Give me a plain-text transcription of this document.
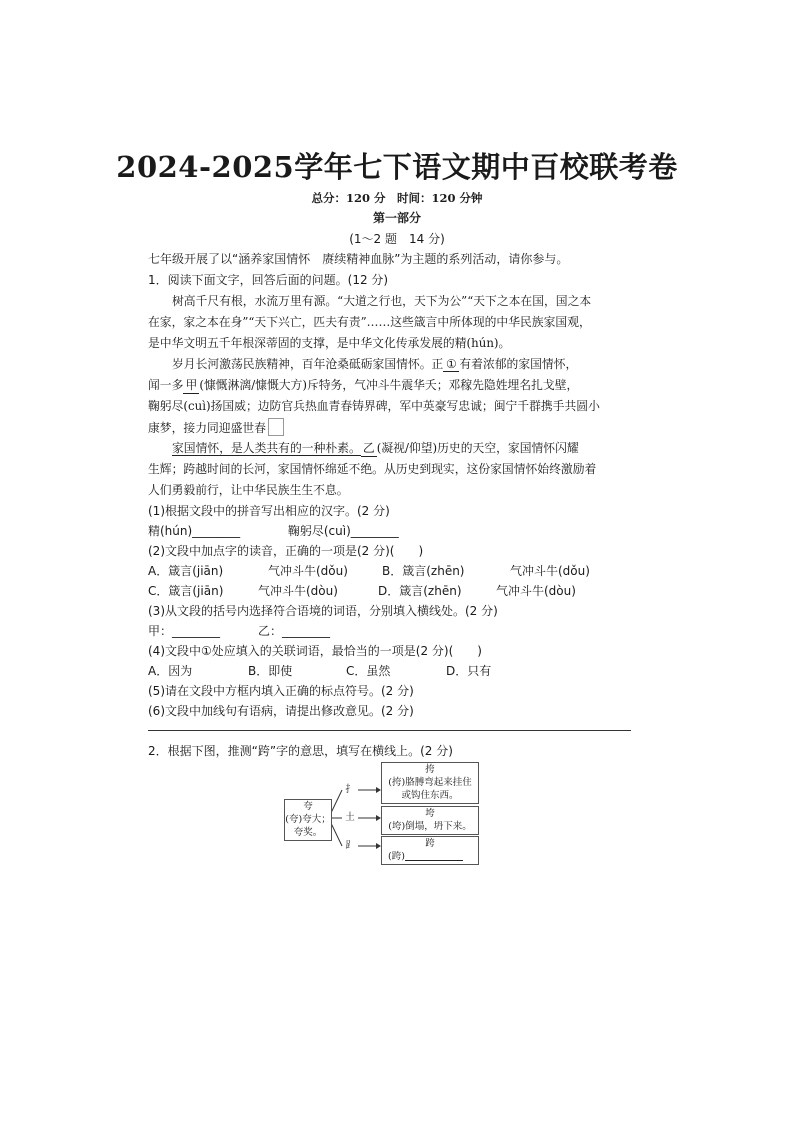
2024-2025学年七下语文期中百校联考卷
总分：120 分　时间：120 分钟
第一部分
(1～2 题　14 分)
七年级开展了以“涵养家国情怀　赓续精神血脉”为主题的系列活动，请你参与。
1．阅读下面文字，回答后面的问题。(12 分)
树高千尺有根，水流万里有源。“大道之行也，天下为公”“天下之本在国，国之本
在家，家之本在身”“天下兴亡，匹夫有责”……这些箴言中所体现的中华民族家国观，
是中华文明五千年根深蒂固的支撑，是中华文化传承发展的精(hún)。
岁月长河激荡民族精神，百年沧桑砥砺家国情怀。正 ① 有着浓郁的家国情怀，
闻一多 甲 (慷慨淋漓/慷慨大方)斥特务，气冲斗牛震华夭；邓稼先隐姓埋名扎戈壁，
鞠躬尽(cuì)扬国威；边防官兵热血青春铸界碑，军中英豪写忠诚；闽宁千群携手共圆小
康梦，接力同迎盛世春
家国情怀，是人类共有的一种朴素。 乙 (凝视/仰望)历史的天空，家国情怀闪耀
生辉；跨越时间的长河，家国情怀绵延不绝。从历史到现实，这份家国情怀始终激励着
人们勇毅前行，让中华民族生生不息。
(1)根据文段中的拼音写出相应的汉字。(2 分)
精(hún)________	鞠躬尽(cuì)________
(2)文段中加点字的读音，正确的一项是(2 分)(　　)
A．箴言(jiān)	气冲斗牛(dǒu)	B．箴言(zhēn)	气冲斗牛(dǒu)
C．箴言(jiān)	气冲斗牛(dòu)	D．箴言(zhēn)	气冲斗牛(dòu)
(3)从文段的括号内选择符合语境的词语，分别填入横线处。(2 分)
甲：________	乙：________
(4)文段中①处应填入的关联词语，最恰当的一项是(2 分)(　　)
A．因为	B．即使	C．虽然	D．只有
(5)请在文段中方框内填入正确的标点符号。(2 分)
(6)文段中加线句有语病，请提出修改意见。(2 分)
2．根据下图，推测“跨”字的意思，填写在横线上。(2 分)
夸
(夸)夸大；
夸奖。
扌
土
⻊
挎
(挎)胳膊弯起来挂住
或钩住东西。
垮
(垮)倒塌，坍下来。
跨
(跨)
